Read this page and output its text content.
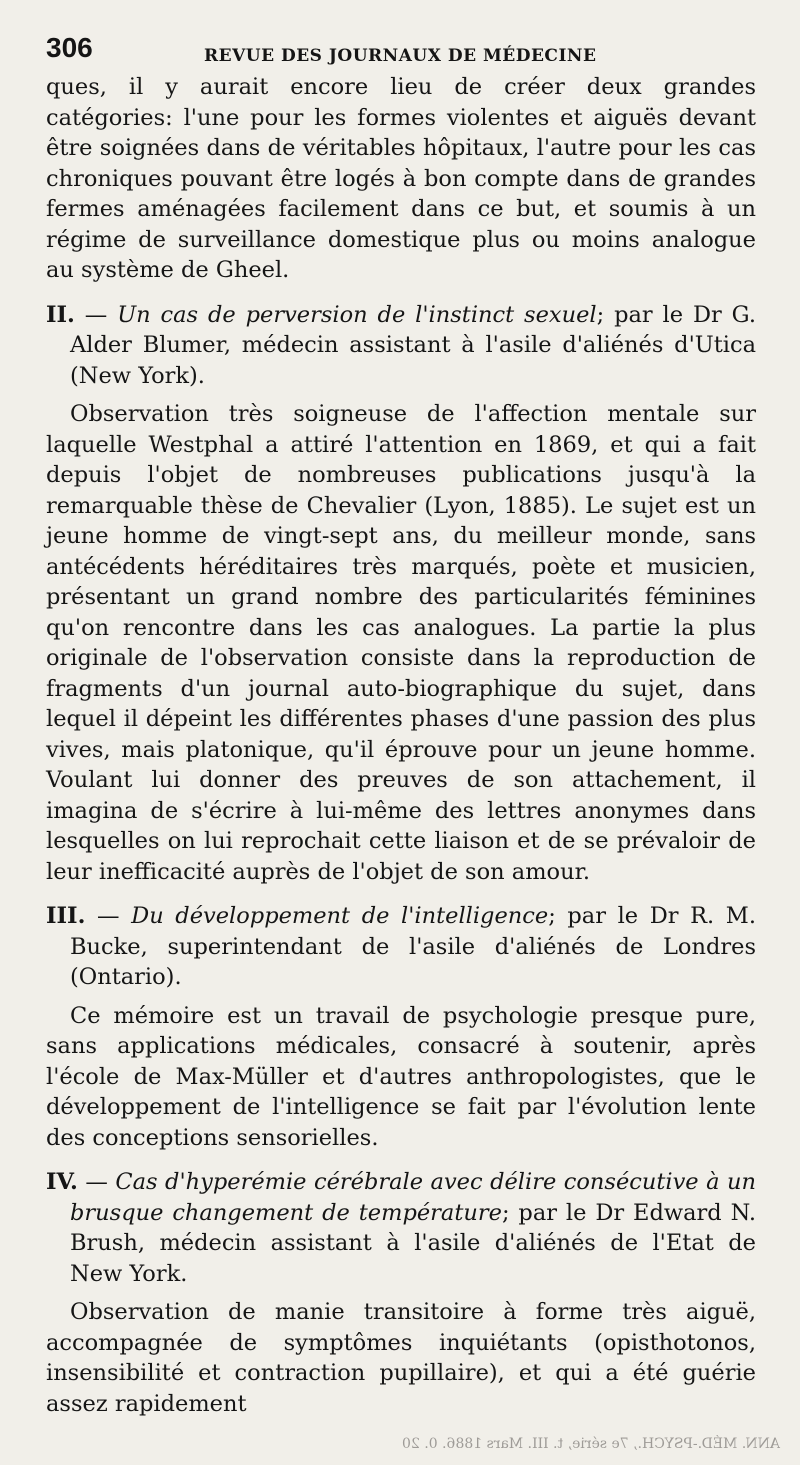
306	REVUE DES JOURNAUX DE MÉDECINE

ques, il y aurait encore lieu de créer deux grandes catégories: l'une pour les formes violentes et aiguës devant être soignées dans de véritables hôpitaux, l'autre pour les cas chroniques pouvant être logés à bon compte dans de grandes fermes aménagées facilement dans ce but, et soumis à un régime de surveillance domestique plus ou moins analogue au système de Gheel.

II. — Un cas de perversion de l'instinct sexuel; par le Dr G. Alder Blumer, médecin assistant à l'asile d'aliénés d'Utica (New York).

Observation très soigneuse de l'affection mentale sur laquelle Westphal a attiré l'attention en 1869, et qui a fait depuis l'objet de nombreuses publications jusqu'à la remarquable thèse de Chevalier (Lyon, 1885). Le sujet est un jeune homme de vingt-sept ans, du meilleur monde, sans antécédents héréditaires très marqués, poète et musicien, présentant un grand nombre des particularités féminines qu'on rencontre dans les cas analogues. La partie la plus originale de l'observation consiste dans la reproduction de fragments d'un journal auto-biographique du sujet, dans lequel il dépeint les différentes phases d'une passion des plus vives, mais platonique, qu'il éprouve pour un jeune homme. Voulant lui donner des preuves de son attachement, il imagina de s'écrire à lui-même des lettres anonymes dans lesquelles on lui reprochait cette liaison et de se prévaloir de leur inefficacité auprès de l'objet de son amour.

III. — Du développement de l'intelligence; par le Dr R. M. Bucke, superintendant de l'asile d'aliénés de Londres (Ontario).

Ce mémoire est un travail de psychologie presque pure, sans applications médicales, consacré à soutenir, après l'école de Max-Müller et d'autres anthropologistes, que le développement de l'intelligence se fait par l'évolution lente des conceptions sensorielles.

IV. — Cas d'hyperémie cérébrale avec délire consécutive à un brusque changement de température; par le Dr Edward N. Brush, médecin assistant à l'asile d'aliénés de l'Etat de New York.

Observation de manie transitoire à forme très aiguë, accompagnée de symptômes inquiétants (opisthotonos, insensibilité et contraction pupillaire), et qui a été guérie assez rapidement

ANN. MÉD.-PSYCH., 7e série, t. III. Mars 1886. 0. 20
